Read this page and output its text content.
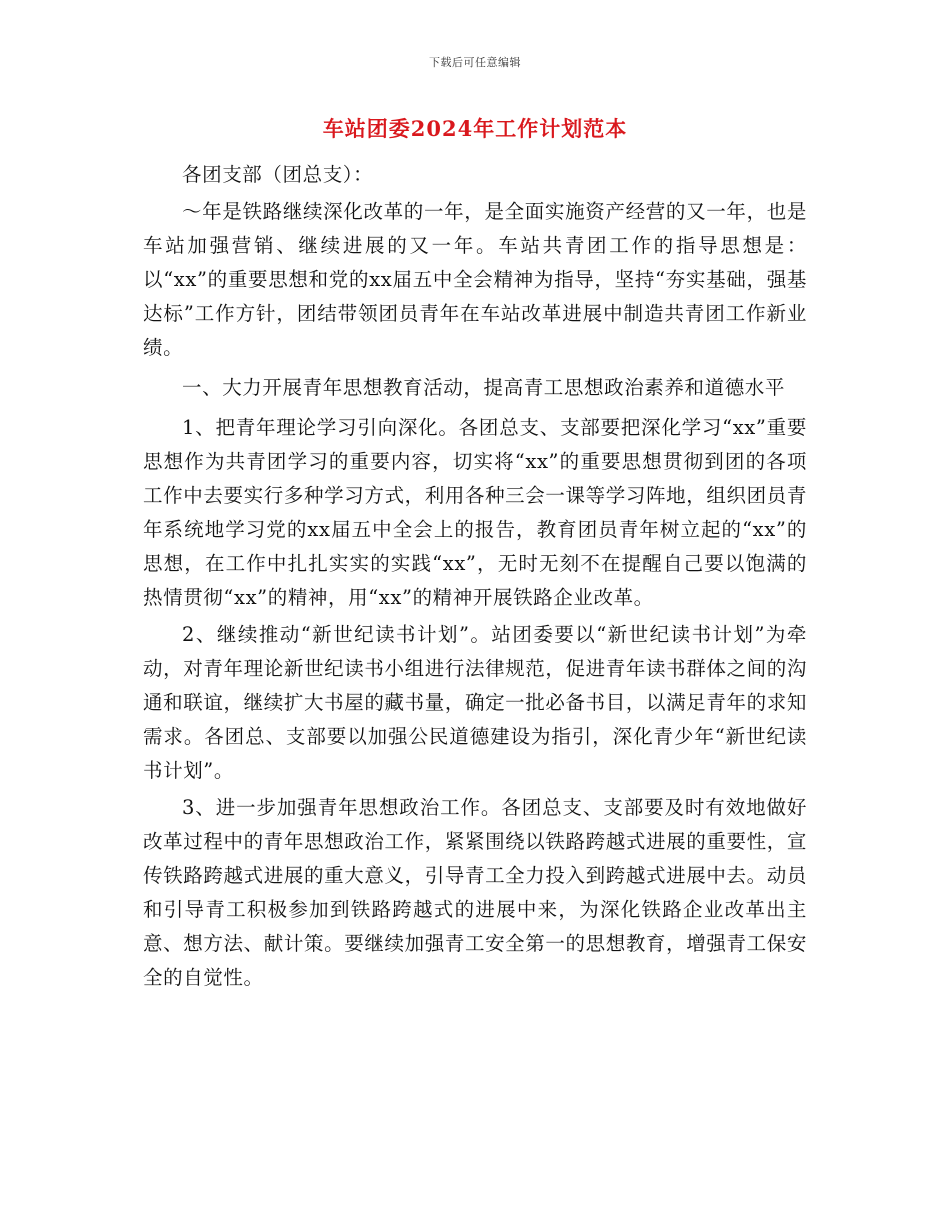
下载后可任意编辑
车站团委2024年工作计划范本

各团支部（团总支）：

～年是铁路继续深化改革的一年，是全面实施资产经营的又一年，也是车站加强营销、继续进展的又一年。车站共青团工作的指导思想是：以“xx”的重要思想和党的xx届五中全会精神为指导，坚持“夯实基础，强基达标”工作方针，团结带领团员青年在车站改革进展中制造共青团工作新业绩。

一、大力开展青年思想教育活动，提高青工思想政治素养和道德水平

1、把青年理论学习引向深化。各团总支、支部要把深化学习“xx”重要思想作为共青团学习的重要内容，切实将“xx”的重要思想贯彻到团的各项工作中去要实行多种学习方式，利用各种三会一课等学习阵地，组织团员青年系统地学习党的xx届五中全会上的报告，教育团员青年树立起的“xx”的思想，在工作中扎扎实实的实践“xx”，无时无刻不在提醒自己要以饱满的热情贯彻“xx”的精神，用“xx”的精神开展铁路企业改革。

2、继续推动“新世纪读书计划”。站团委要以“新世纪读书计划”为牵动，对青年理论新世纪读书小组进行法律规范，促进青年读书群体之间的沟通和联谊，继续扩大书屋的藏书量，确定一批必备书目，以满足青年的求知需求。各团总、支部要以加强公民道德建设为指引，深化青少年“新世纪读书计划”。

3、进一步加强青年思想政治工作。各团总支、支部要及时有效地做好改革过程中的青年思想政治工作，紧紧围绕以铁路跨越式进展的重要性，宣传铁路跨越式进展的重大意义，引导青工全力投入到跨越式进展中去。动员和引导青工积极参加到铁路跨越式的进展中来，为深化铁路企业改革出主意、想方法、献计策。要继续加强青工安全第一的思想教育，增强青工保安全的自觉性。
